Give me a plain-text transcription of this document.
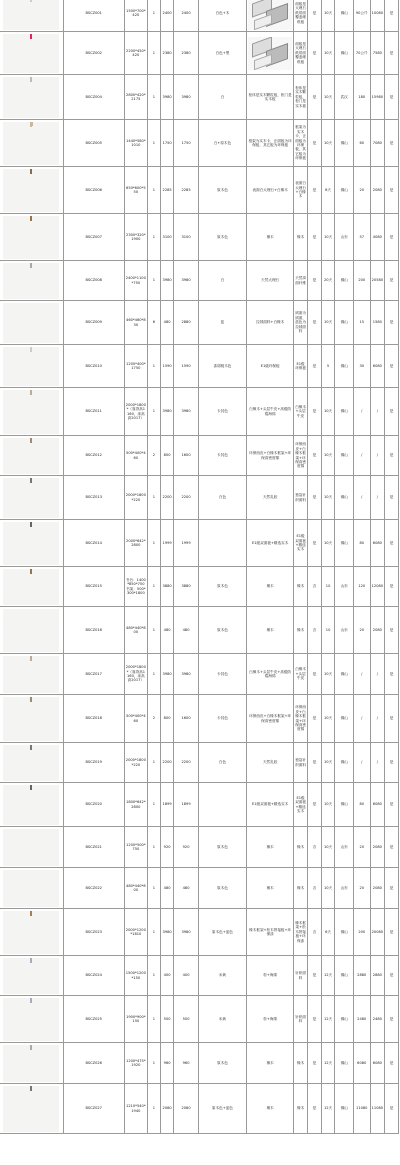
	BSCZ001	1500*700*420	1	2400	2400	白色+木		面板是大理石纸带面覆盖硬纸板	是	10天	佛山	90公斤	10080	是

	BSCZ002	2200*450*420	1	2380	2380	白色+黑		面板是大理石纸带面覆盖硬纸板	是	10天	佛山	70公斤	7580	是

	BSCZ004	2800*420*2175	1	3980	3980	白	柜体是实木颗粒板，柜门是实木板	柜体是实木颗粒板，柜门是实木板	是	10天	武汉	180	15980	是

	BSCZ005	1440*580*1010	1	1750	1750	白+原木色	框架为实木卡，正面板为环保板，其它板为环保板	框架为实木卡，正面板为环保板，其它板为环保板	是	10天	佛山	60	7080	是

	BSCZ006	650*600*550	1	2285	2285	原木色	表面白大理石+白橡木	表面白大理石+白橡木	是	8天	佛山	20	2080	是

	BSCZ007	2300*320*1900	1	3100	3100	原木色	橡木	橡木	是	10天	山东	57	4080	是

	BSCZ008	2400*1100*750	1	3980	3980	白	天然大理石	天然岗面纤维	是	20天	佛山	200	20580	是

	BSCZ009	460*460*830	6	480	2880	蓝	拉绒面料+白橡木	绒面为绒面，蓝色为拉绒面料	是	10天	佛山	15	1580	是

	BSCZ010	1200*400*1750	1	1590	1590	漆胡桃木色	E1级环保板	E1级环保板	是	5	佛山	30	6080	是

	BSCZ011	2000*1800*（靠背高1160，床高高2017）	1	3980	3980	卡其色	白橡木+头层牛皮+高级防霉海绵	白橡木+头层牛皮	是	10天	佛山	/	/	是

	BSCZ012	500*400*460	2	800	1600	卡其色	环保西皮+白橡木框架+环保高密度棉	环保西皮+白橡木框架+环保高密度棉	是	10天	佛山	/	/	是

	BSCZ013	2000*1800*220	1	2200	2200	白色	天然乳胶	独袋针织面料	是	10天	佛山	/	/	是

	BSCZ014	2000*642*2800	1	1999	1999		E1级双面板+精选实木	E1级双面板+精选实木	是	10天	佛山	80	6080	是

	BSCZ015	书台：1400*850*750 书架：500*300*1800	1	3880	3880	原木色	橡木	橡木	否	10	山东	120	12080	是

	BSCZ016	480*440*800	1	480	480	原木色	橡木	橡木	否	10	山东	20	2080	是

	BSCZ017	2000*1800*（靠背高1160，床高高2017）	1	3980	3980	卡其色	白橡木+头层牛皮+高级防霉海绵	白橡木+头层牛皮	是	10天	佛山	/	/	是

	BSCZ018	500*400*460	2	800	1600	卡其色	环保西皮+白橡木框架+环保高密度棉	环保西皮+白橡木框架+环保高密度棉	是	10天	佛山	/	/	是

	BSCZ019	2000*1800*220	1	2200	2200	白色	天然乳胶	独袋针织面料	是	10天	佛山	/	/	是

	BSCZ020	1800*642*2800	1	1899	1899		E1级双面板+精选实木	E1级双面板+精选实木	是	10天	佛山	80	6080	是

	BSCZ021	1200*500*750	1	920	920	原木色	橡木	橡木	否	10天	山东	20	2080	是

	BSCZ022	480*440*800	1	480	480	原木色	橡木	橡木	否	10天	山东	20	2080	是

	BSCZ023	2000*1200*1810	1	3980	3980	原木色+蓝色	橡木框架+松木拼接板+环保漆	橡木框架+松木拼接板+环保漆	否	6天	佛山	200	20080	是

	BSCZ024	1500*1200*150	1	400	400	米黄	棕+海绵	针织面料	是	12天	佛山	2880	2880	是

	BSCZ025	1900*900*150	1	500	500	米黄	棕+海绵	针织面料	是	12天	佛山	2480	2480	是

	BSCZ026	1200*475*1920	1	960	960	原木色	橡木	橡木	是	12天	佛山	6080	6080	是

	BSCZ027	1210*540*1940	1	2080	2080	原木色+蓝色	橡木	橡木	是	12天	佛山	11080	11080	是
